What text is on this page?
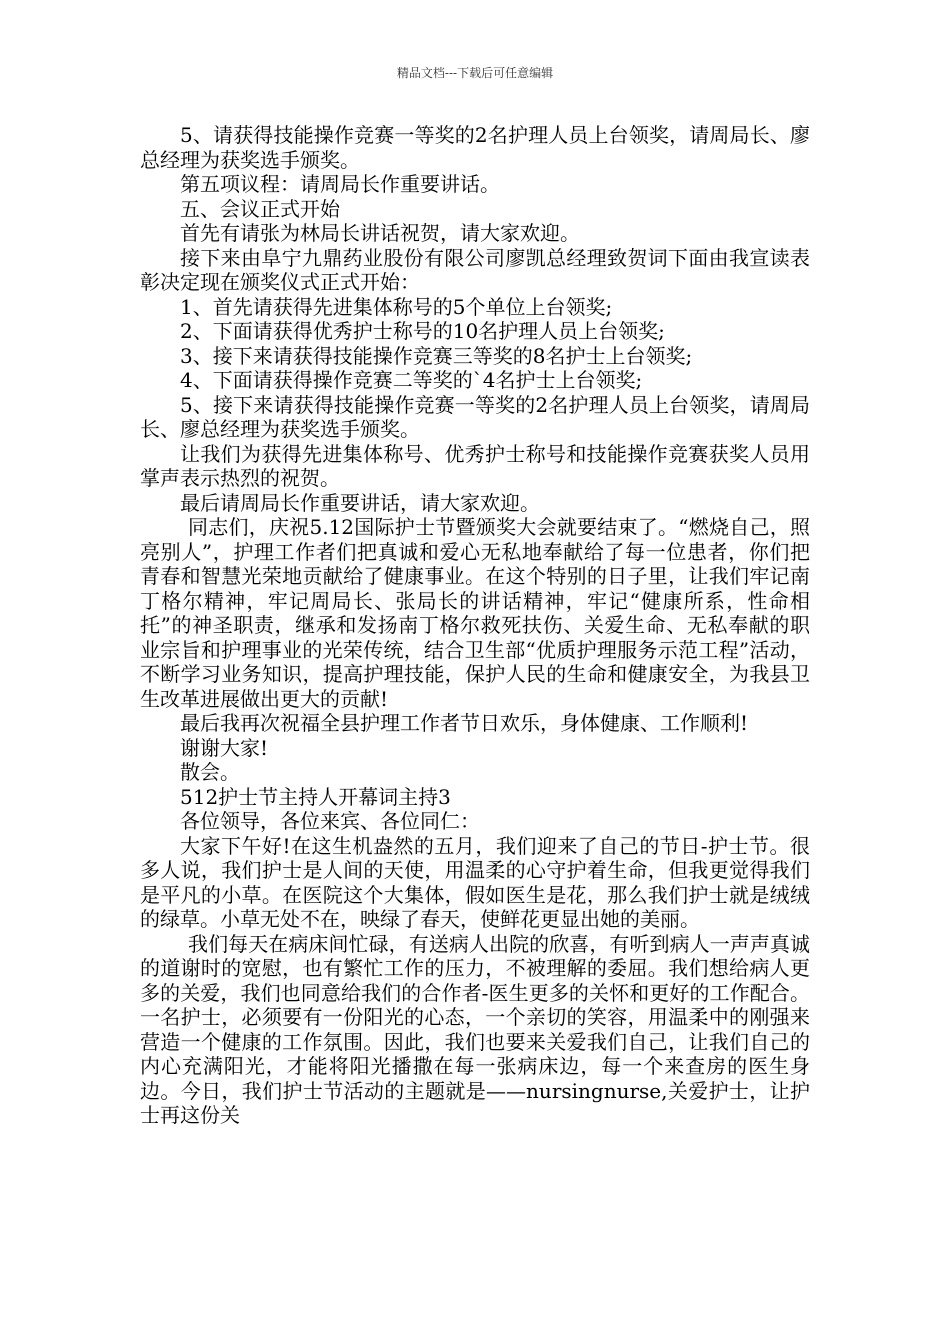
精品文档---下载后可任意编辑

5、请获得技能操作竞赛一等奖的2名护理人员上台领奖，请周局长、廖总经理为获奖选手颁奖。

第五项议程：请周局长作重要讲话。

五、会议正式开始

首先有请张为林局长讲话祝贺，请大家欢迎。

接下来由阜宁九鼎药业股份有限公司廖凯总经理致贺词下面由我宣读表彰决定现在颁奖仪式正式开始：

1、首先请获得先进集体称号的5个单位上台领奖;

2、下面请获得优秀护士称号的10名护理人员上台领奖;

3、接下来请获得技能操作竞赛三等奖的8名护士上台领奖;

4、下面请获得操作竞赛二等奖的`4名护士上台领奖;

5、接下来请获得技能操作竞赛一等奖的2名护理人员上台领奖，请周局长、廖总经理为获奖选手颁奖。

让我们为获得先进集体称号、优秀护士称号和技能操作竞赛获奖人员用掌声表示热烈的祝贺。

最后请周局长作重要讲话，请大家欢迎。

同志们，庆祝5.12国际护士节暨颁奖大会就要结束了。“燃烧自己，照亮别人”，护理工作者们把真诚和爱心无私地奉献给了每一位患者，你们把青春和智慧光荣地贡献给了健康事业。在这个特别的日子里，让我们牢记南丁格尔精神，牢记周局长、张局长的讲话精神，牢记“健康所系，性命相托”的神圣职责，继承和发扬南丁格尔救死扶伤、关爱生命、无私奉献的职业宗旨和护理事业的光荣传统，结合卫生部“优质护理服务示范工程”活动，不断学习业务知识，提高护理技能，保护人民的生命和健康安全，为我县卫生改革进展做出更大的贡献!

最后我再次祝福全县护理工作者节日欢乐，身体健康、工作顺利!

谢谢大家!

散会。

512护士节主持人开幕词主持3

各位领导，各位来宾、各位同仁：

大家下午好!在这生机盎然的五月，我们迎来了自己的节日-护士节。很多人说，我们护士是人间的天使，用温柔的心守护着生命，但我更觉得我们是平凡的小草。在医院这个大集体，假如医生是花，那么我们护士就是绒绒的绿草。小草无处不在，映绿了春天，使鲜花更显出她的美丽。

我们每天在病床间忙碌，有送病人出院的欣喜，有听到病人一声声真诚的道谢时的宽慰，也有繁忙工作的压力，不被理解的委屈。我们想给病人更多的关爱，我们也同意给我们的合作者-医生更多的关怀和更好的工作配合。一名护士，必须要有一份阳光的心态，一个亲切的笑容，用温柔中的刚强来营造一个健康的工作氛围。因此，我们也要来关爱我们自己，让我们自己的内心充满阳光，才能将阳光播撒在每一张病床边，每一个来查房的医生身边。今日，我们护士节活动的主题就是——nursingnurse,关爱护士，让护士再这份关
